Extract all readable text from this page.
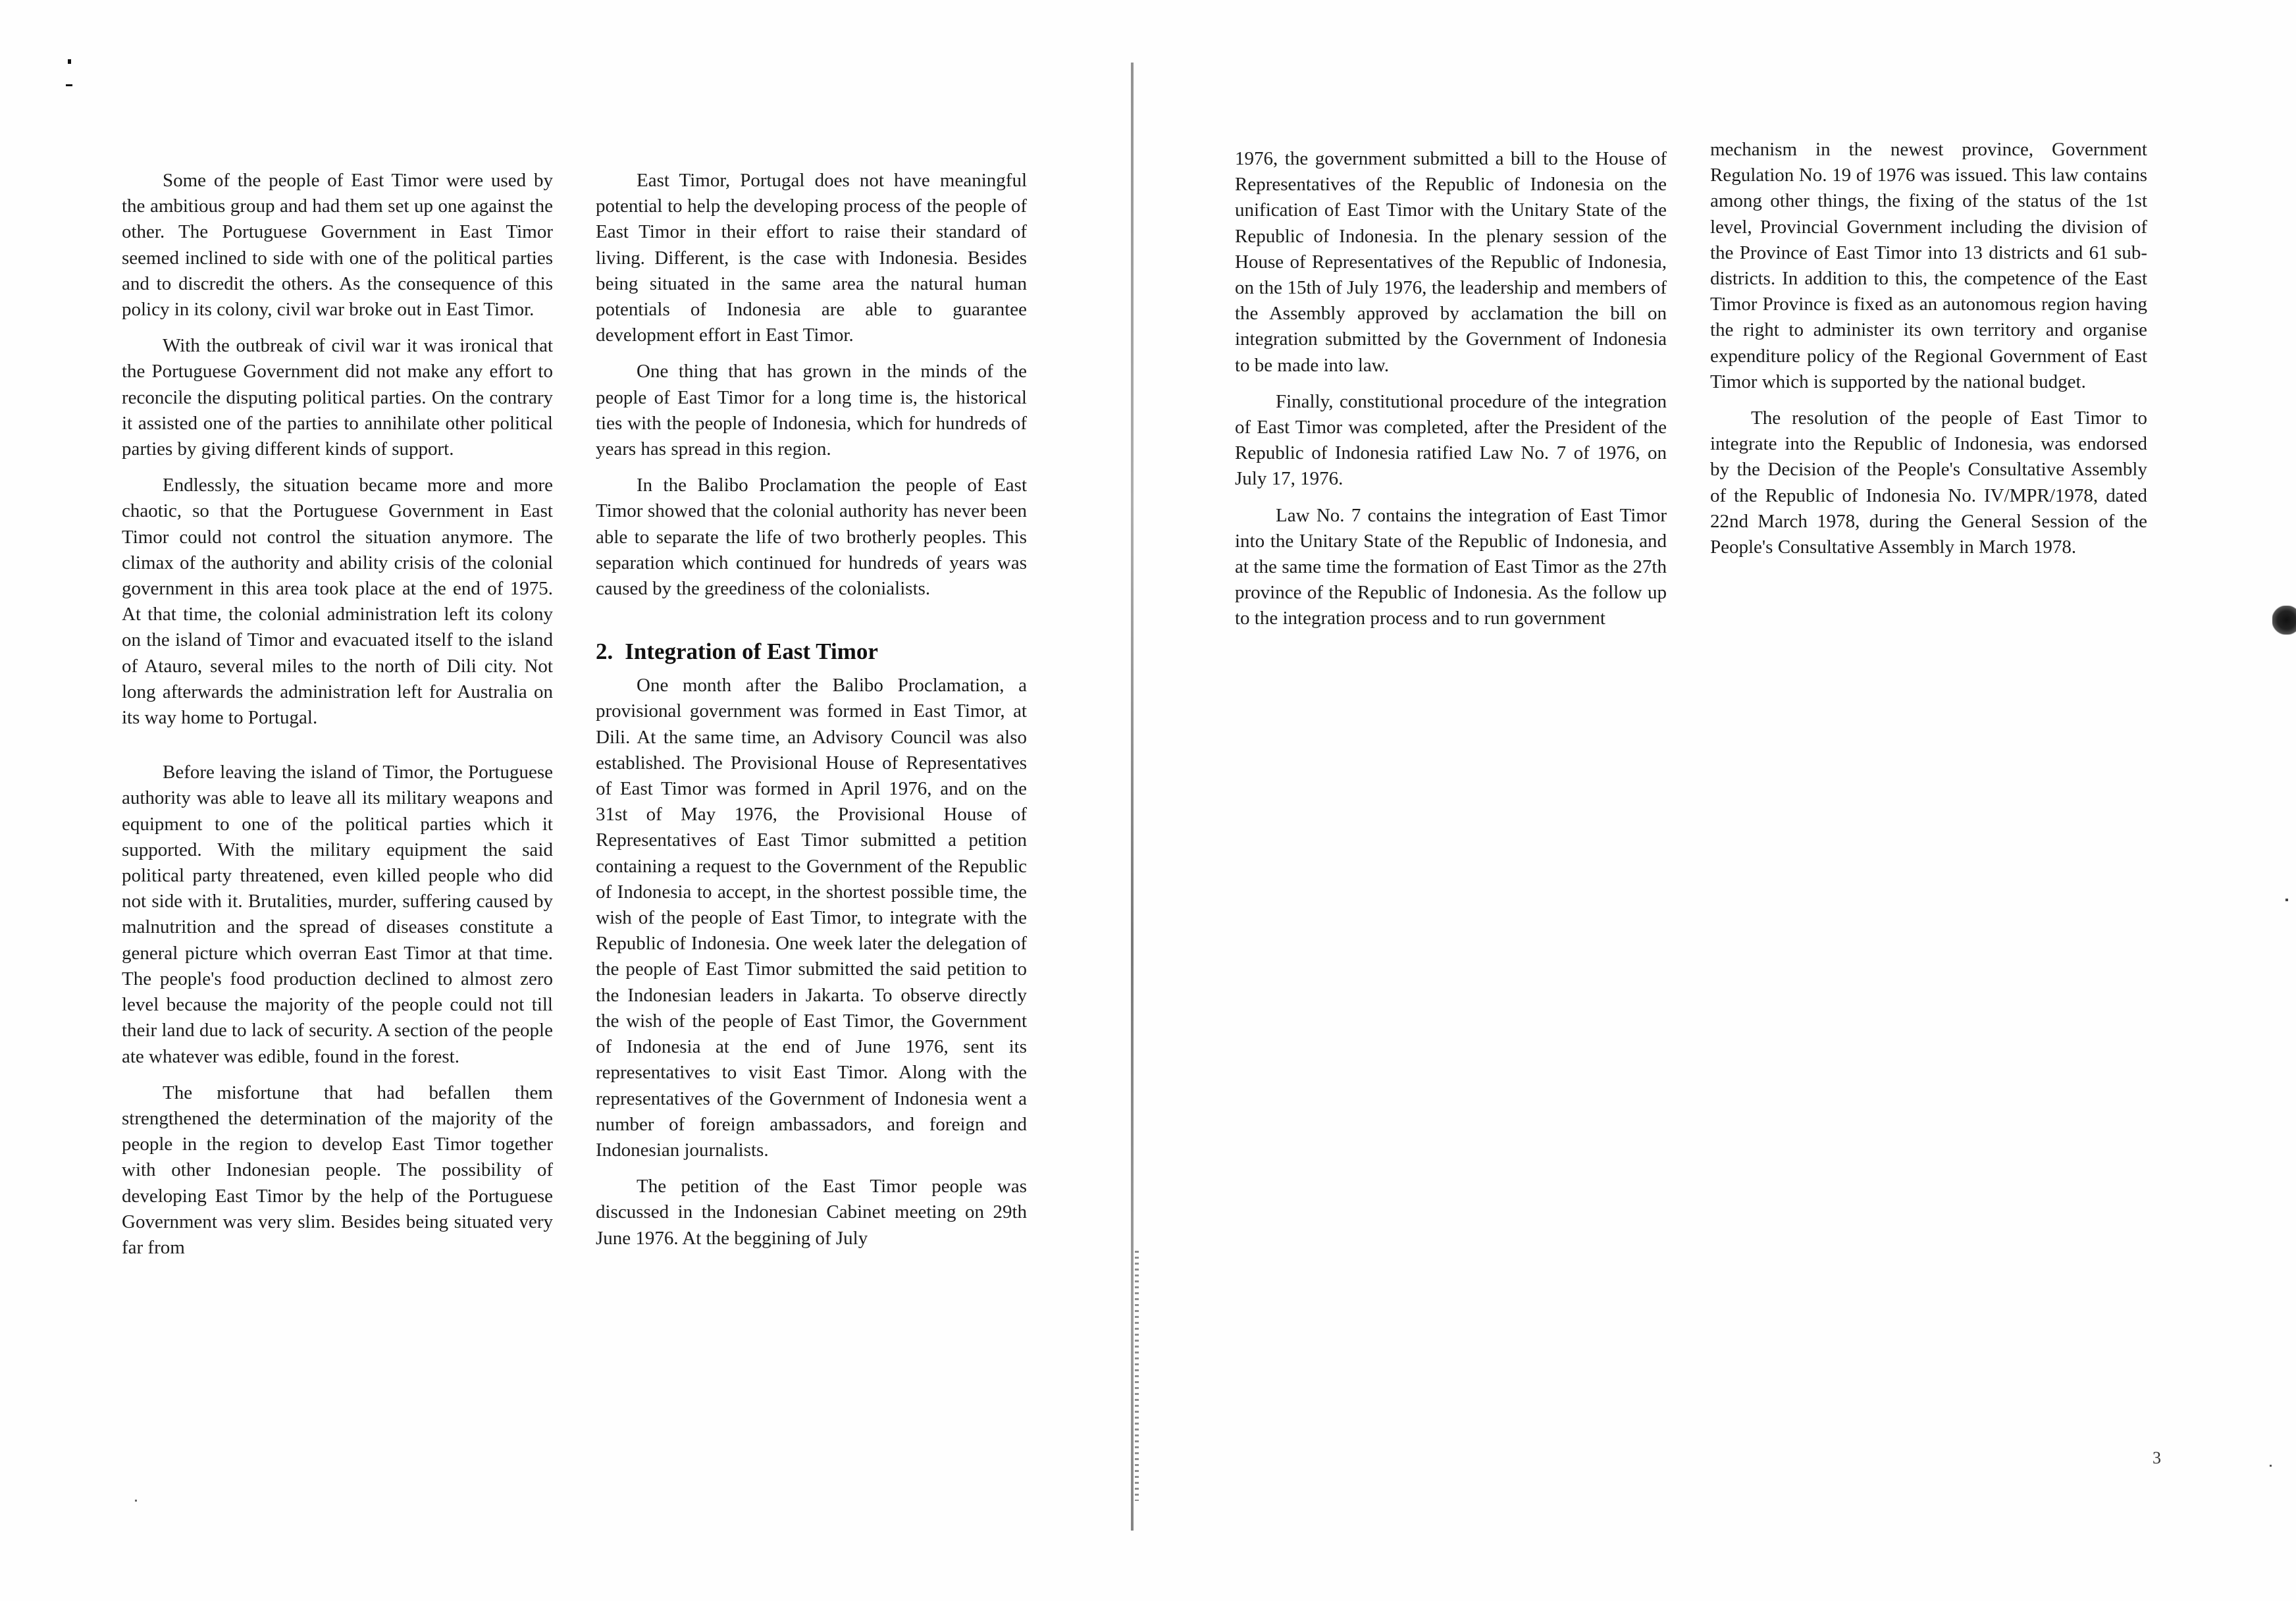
Some of the people of East Timor were used by the ambitious group and had them set up one against the other. The Portuguese Government in East Timor seemed inclined to side with one of the political parties and to discredit the others. As the consequence of this policy in its colony, civil war broke out in East Timor.

With the outbreak of civil war it was ironical that the Portuguese Government did not make any effort to reconcile the disputing political parties. On the contrary it assisted one of the parties to annihilate other political parties by giving different kinds of support.

Endlessly, the situation became more and more chaotic, so that the Portuguese Government in East Timor could not control the situation anymore. The climax of the authority and ability crisis of the colonial government in this area took place at the end of 1975. At that time, the colonial administration left its colony on the island of Timor and evacuated itself to the island of Atauro, several miles to the north of Dili city. Not long afterwards the administration left for Australia on its way home to Portugal.

Before leaving the island of Timor, the Portuguese authority was able to leave all its military weapons and equipment to one of the political parties which it supported. With the military equipment the said political party threatened, even killed people who did not side with it. Brutalities, murder, suffering caused by malnutrition and the spread of diseases constitute a general picture which overran East Timor at that time. The people's food production declined to almost zero level because the majority of the people could not till their land due to lack of security. A section of the people ate whatever was edible, found in the forest.

The misfortune that had befallen them strengthened the determination of the majority of the people in the region to develop East Timor together with other Indonesian people. The possibility of developing East Timor by the help of the Portuguese Government was very slim. Besides being situated very far from

East Timor, Portugal does not have meaningful potential to help the developing process of the people of East Timor in their effort to raise their standard of living. Different, is the case with Indonesia. Besides being situated in the same area the natural human potentials of Indonesia are able to guarantee development effort in East Timor.

One thing that has grown in the minds of the people of East Timor for a long time is, the historical ties with the people of Indonesia, which for hundreds of years has spread in this region.

In the Balibo Proclamation the people of East Timor showed that the colonial authority has never been able to separate the life of two brotherly peoples. This separation which continued for hundreds of years was caused by the greediness of the colonialists.

2. Integration of East Timor

One month after the Balibo Proclamation, a provisional government was formed in East Timor, at Dili. At the same time, an Advisory Council was also established. The Provisional House of Representatives of East Timor was formed in April 1976, and on the 31st of May 1976, the Provisional House of Representatives of East Timor submitted a petition containing a request to the Government of the Republic of Indonesia to accept, in the shortest possible time, the wish of the people of East Timor, to integrate with the Republic of Indonesia. One week later the delegation of the people of East Timor submitted the said petition to the Indonesian leaders in Jakarta. To observe directly the wish of the people of East Timor, the Government of Indonesia at the end of June 1976, sent its representatives to visit East Timor. Along with the representatives of the Government of Indonesia went a number of foreign ambassadors, and foreign and Indonesian journalists.

The petition of the East Timor people was discussed in the Indonesian Cabinet meeting on 29th June 1976. At the beggining of July

1976, the government submitted a bill to the House of Representatives of the Republic of Indonesia on the unification of East Timor with the Unitary State of the Republic of Indonesia. In the plenary session of the House of Representatives of the Republic of Indonesia, on the 15th of July 1976, the leadership and members of the Assembly approved by acclamation the bill on integration submitted by the Government of Indonesia to be made into law.

Finally, constitutional procedure of the integration of East Timor was completed, after the President of the Republic of Indonesia ratified Law No. 7 of 1976, on July 17, 1976.

Law No. 7 contains the integration of East Timor into the Unitary State of the Republic of Indonesia, and at the same time the formation of East Timor as the 27th province of the Republic of Indonesia. As the follow up to the integration process and to run government

mechanism in the newest province, Government Regulation No. 19 of 1976 was issued. This law contains among other things, the fixing of the status of the 1st level, Provincial Government including the division of the Province of East Timor into 13 districts and 61 subdistricts. In addition to this, the competence of the East Timor Province is fixed as an autonomous region having the right to administer its own territory and organise expenditure policy of the Regional Government of East Timor which is supported by the national budget.

The resolution of the people of East Timor to integrate into the Republic of Indonesia, was endorsed by the Decision of the People's Consultative Assembly of the Republic of Indonesia No. IV/MPR/1978, dated 22nd March 1978, during the General Session of the People's Consultative Assembly in March 1978.

3
